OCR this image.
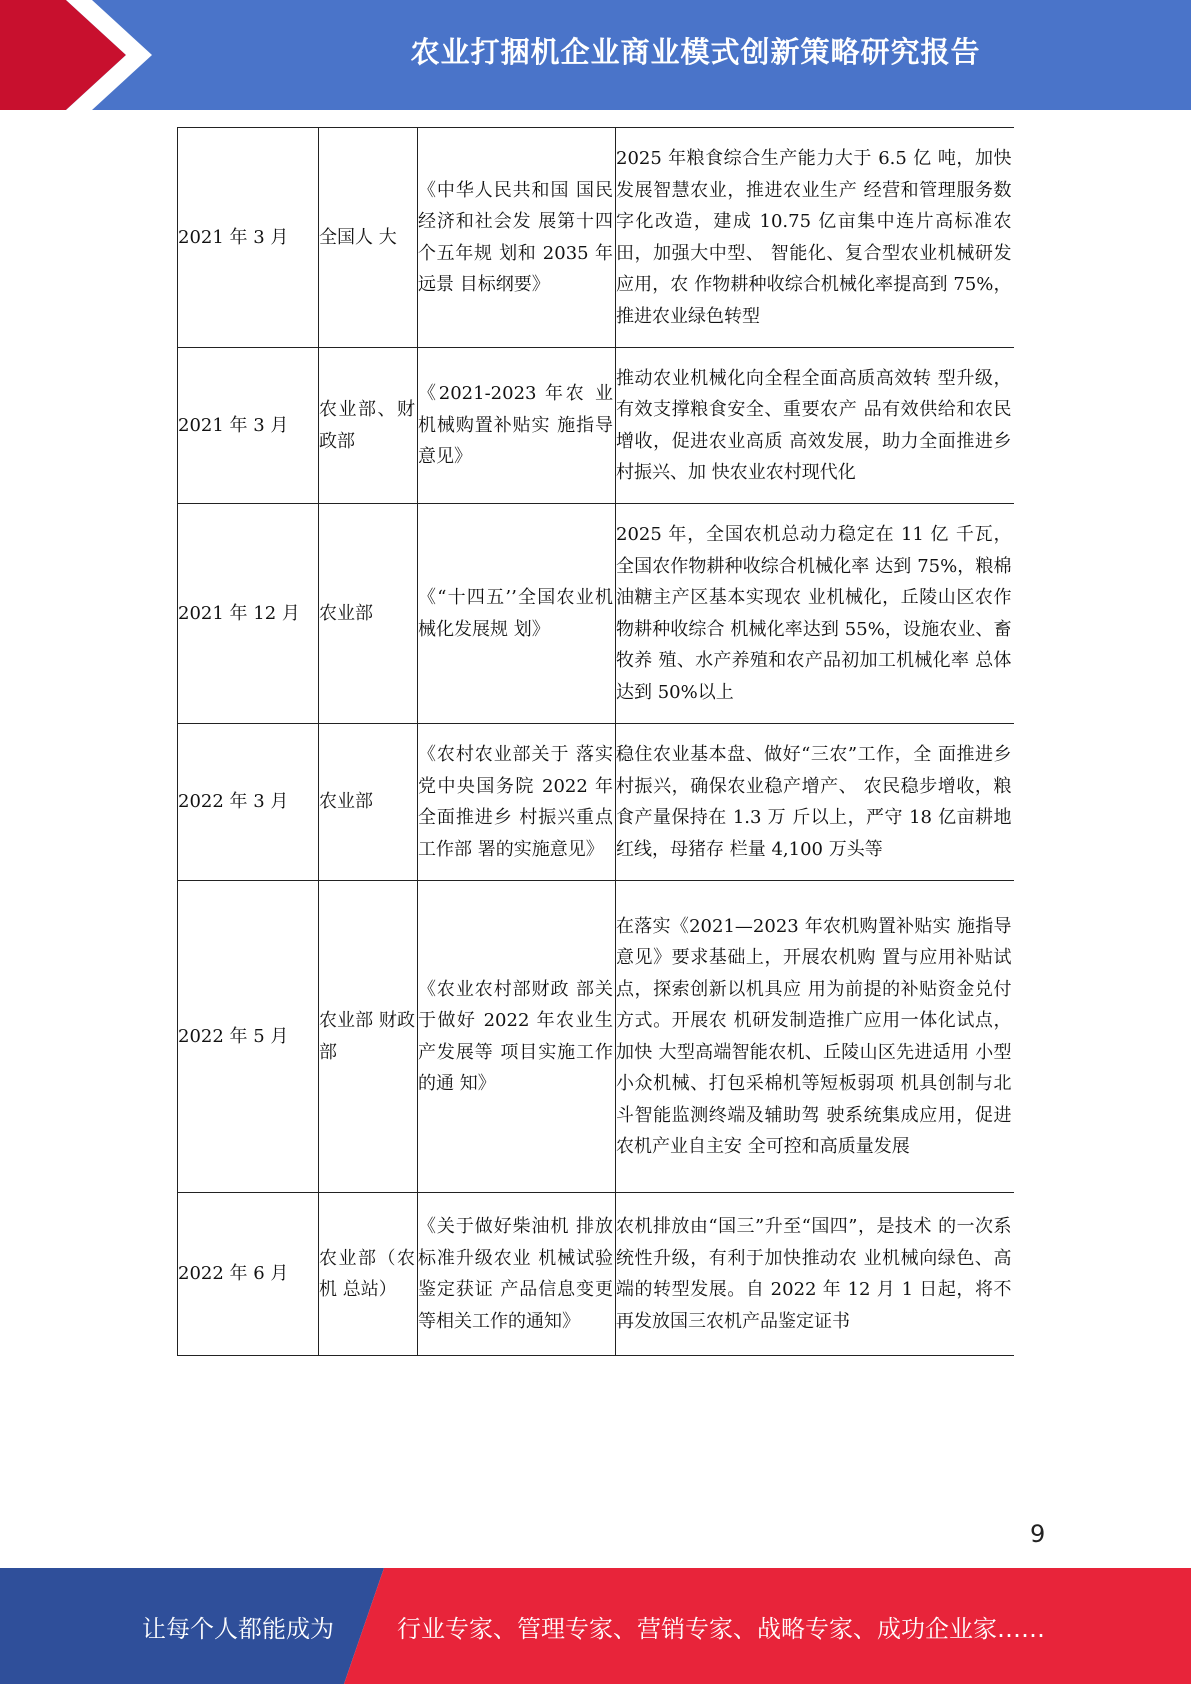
农业打捆机企业商业模式创新策略研究报告
2021 年 3 月	全国人 大	《中华人民共和国 国民经济和社会发 展第十四个五年规 划和 2035 年远景 目标纲要》	2025 年粮食综合生产能力大于 6.5 亿 吨，加快发展智慧农业，推进农业生产 经营和管理服务数字化改造，建成 10.75 亿亩集中连片高标准农田，加强大中型、 智能化、复合型农业机械研发应用，农 作物耕种收综合机械化率提高到 75%， 推进农业绿色转型
2021 年 3 月	农业部、财政部	《2021-2023 年农 业机械购置补贴实 施指导意见》	推动农业机械化向全程全面高质高效转 型升级，有效支撑粮食安全、重要农产 品有效供给和农民增收，促进农业高质 高效发展，助力全面推进乡村振兴、加 快农业农村现代化
2021 年 12 月	农业部	《“十四五’’全国农业机械化发展规 划》	2025 年，全国农机总动力稳定在 11 亿 千瓦，全国农作物耕种收综合机械化率 达到 75%，粮棉油糖主产区基本实现农 业机械化，丘陵山区农作物耕种收综合 机械化率达到 55%，设施农业、畜牧养 殖、水产养殖和农产品初加工机械化率 总体达到 50%以上
2022 年 3 月	农业部	《农村农业部关于 落实党中央国务院 2022 年全面推进乡 村振兴重点工作部 署的实施意见》	稳住农业基本盘、做好“三农”工作，全 面推进乡村振兴，确保农业稳产增产、 农民稳步增收，粮食产量保持在 1.3 万 斤以上，严守 18 亿亩耕地红线，母猪存 栏量 4,100 万头等
2022 年 5 月	农业部 财政部	《农业农村部财政 部关于做好 2022 年农业生产发展等 项目实施工作的通 知》	在落实《2021—2023 年农机购置补贴实 施指导意见》要求基础上，开展农机购 置与应用补贴试点，探索创新以机具应 用为前提的补贴资金兑付方式。开展农 机研发制造推广应用一体化试点，加快 大型高端智能农机、丘陵山区先进适用 小型小众机械、打包采棉机等短板弱项 机具创制与北斗智能监测终端及辅助驾 驶系统集成应用，促进农机产业自主安 全可控和高质量发展
2022 年 6 月	农业部（农机 总站）	《关于做好柴油机 排放标准升级农业 机械试验鉴定获证 产品信息变更等相关工作的通知》	农机排放由“国三”升至“国四”，是技术 的一次系统性升级，有利于加快推动农 业机械向绿色、高端的转型发展。自 2022 年 12 月 1 日起，将不再发放国三农机产品鉴定证书
9
让每个人都能成为	行业专家、管理专家、营销专家、战略专家、成功企业家……
